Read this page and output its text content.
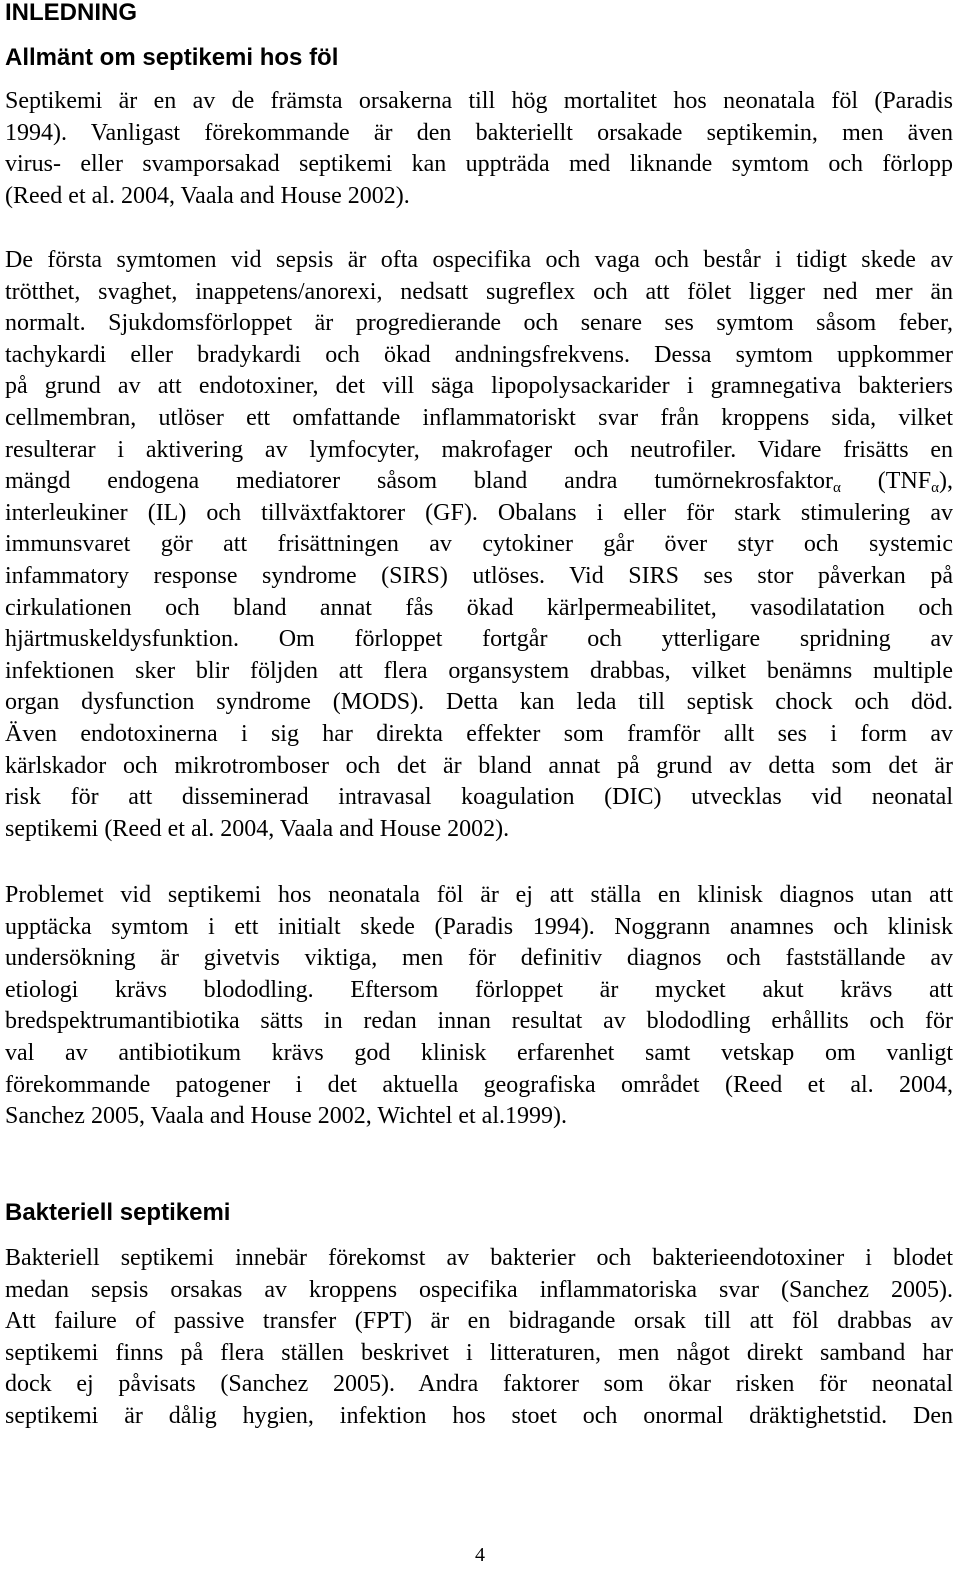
INLEDNING
Allmänt om septikemi hos föl
Septikemi är en av de främsta orsakerna till hög mortalitet hos neonatala föl (Paradis
1994). Vanligast förekommande är den bakteriellt orsakade septikemin, men även
virus- eller svamporsakad septikemi kan uppträda med liknande symtom och förlopp
(Reed et al. 2004, Vaala and House 2002).
De första symtomen vid sepsis är ofta ospecifika och vaga och består i tidigt skede av
trötthet, svaghet, inappetens/anorexi, nedsatt sugreflex och att fölet ligger ned mer än
normalt. Sjukdomsförloppet är progredierande och senare ses symtom såsom feber,
tachykardi eller bradykardi och ökad andningsfrekvens. Dessa symtom uppkommer
på grund av att endotoxiner, det vill säga lipopolysackarider i gramnegativa bakteriers
cellmembran, utlöser ett omfattande inflammatoriskt svar från kroppens sida, vilket
resulterar i aktivering av lymfocyter, makrofager och neutrofiler. Vidare frisätts en
mängd endogena mediatorer såsom bland andra tumörnekrosfaktor$_\alpha$ $(TNF_\alpha)$,
interleukiner (IL) och tillväxtfaktorer (GF). Obalans i eller för stark stimulering av
immunsvaret gör att frisättningen av cytokiner går över styr och systemic
infammatory response syndrome (SIRS) utlöses. Vid SIRS ses stor påverkan på
cirkulationen och bland annat fås ökad kärlpermeabilitet, vasodilatation och
hjärtmuskeldysfunktion. Om förloppet fortgår och ytterligare spridning av
infektionen sker blir följden att flera organsystem drabbas, vilket benämns multiple
organ dysfunction syndrome (MODS). Detta kan leda till septisk chock och död.
Även endotoxinerna i sig har direkta effekter som framför allt ses i form av
kärlskador och mikrotromboser och det är bland annat på grund av detta som det är
risk för att disseminerad intravasal koagulation (DIC) utvecklas vid neonatal
septikemi (Reed et al. 2004, Vaala and House 2002).
Problemet vid septikemi hos neonatala föl är ej att ställa en klinisk diagnos utan att
upptäcka symtom i ett initialt skede (Paradis 1994). Noggrann anamnes och klinisk
undersökning är givetvis viktiga, men för definitiv diagnos och fastställande av
etiologi krävs blododling. Eftersom förloppet är mycket akut krävs att
bredspektrumantibiotika sätts in redan innan resultat av blododling erhållits och för
val av antibiotikum krävs god klinisk erfarenhet samt vetskap om vanligt
förekommande patogener i det aktuella geografiska området (Reed et al. 2004,
Sanchez 2005, Vaala and House 2002, Wichtel et al.1999).
Bakteriell septikemi
Bakteriell septikemi innebär förekomst av bakterier och bakterieendotoxiner i blodet
medan sepsis orsakas av kroppens ospecifika inflammatoriska svar (Sanchez 2005).
Att failure of passive transfer (FPT) är en bidragande orsak till att föl drabbas av
septikemi finns på flera ställen beskrivet i litteraturen, men något direkt samband har
dock ej påvisats (Sanchez 2005). Andra faktorer som ökar risken för neonatal
septikemi är dålig hygien, infektion hos stoet och onormal dräktighetstid. Den
4
